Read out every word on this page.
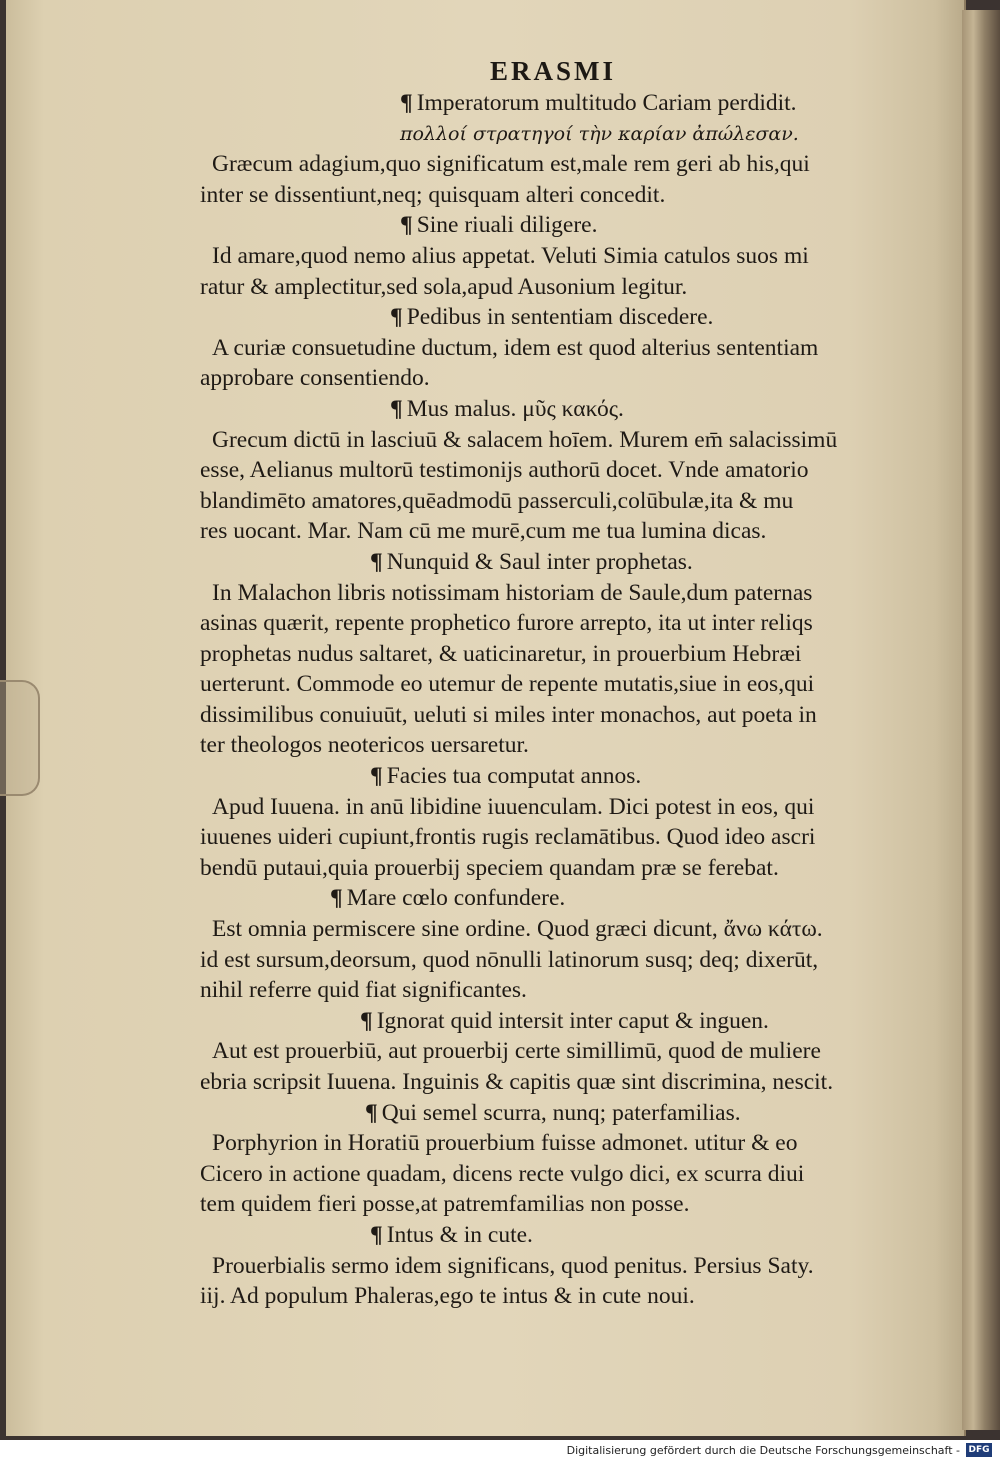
ERASMI
¶ Imperatorum multitudo Cariam perdidit.
πολλοί στρατηγοί τὴν καρίαν ἀπώλεσαν.
Græcum adagium,quo significatum est,male rem geri ab his,qui
inter se dissentiunt,neq; quisquam alteri concedit.
¶ Sine riuali diligere.
Id amare,quod nemo alius appetat. Veluti Simia catulos suos mi
ratur & amplectitur,sed sola,apud Ausonium legitur.
¶ Pedibus in sententiam discedere.
A curiæ consuetudine ductum, idem est quod alterius sententiam
approbare consentiendo.
¶ Mus malus. μῦς κακός.
Grecum dictū in lasciuū & salacem hoīem. Murem em̄ salacissimū
esse, Aelianus multorū testimonijs authorū docet. Vnde amatorio
blandimēto amatores,quēadmodū passerculi,colūbulæ,ita & mu
res uocant. Mar. Nam cū me murē,cum me tua lumina dicas.
¶ Nunquid & Saul inter prophetas.
In Malachon libris notissimam historiam de Saule,dum paternas
asinas quærit, repente prophetico furore arrepto, ita ut inter reliqs
prophetas nudus saltaret, & uaticinaretur, in prouerbium Hebræi
uerterunt. Commode eo utemur de repente mutatis,siue in eos,qui
dissimilibus conuiuūt, ueluti si miles inter monachos, aut poeta in
ter theologos neotericos uersaretur.
¶ Facies tua computat annos.
Apud Iuuena. in anū libidine iuuenculam. Dici potest in eos, qui
iuuenes uideri cupiunt,frontis rugis reclamātibus. Quod ideo ascri
bendū putaui,quia prouerbij speciem quandam præ se ferebat.
¶ Mare cœlo confundere.
Est omnia permiscere sine ordine. Quod græci dicunt, ἄνω κάτω.
id est sursum,deorsum, quod nōnulli latinorum susq; deq; dixerūt,
nihil referre quid fiat significantes.
¶ Ignorat quid intersit inter caput & inguen.
Aut est prouerbiū, aut prouerbij certe simillimū, quod de muliere
ebria scripsit Iuuena. Inguinis & capitis quæ sint discrimina, nescit.
¶ Qui semel scurra, nunq; paterfamilias.
Porphyrion in Horatiū prouerbium fuisse admonet. utitur & eo
Cicero in actione quadam, dicens recte vulgo dici, ex scurra diui
tem quidem fieri posse,at patremfamilias non posse.
¶ Intus & in cute.
Prouerbialis sermo idem significans, quod penitus. Persius Saty.
iij. Ad populum Phaleras,ego te intus & in cute noui.
Digitalisierung gefördert durch die Deutsche Forschungsgemeinschaft - DFG
